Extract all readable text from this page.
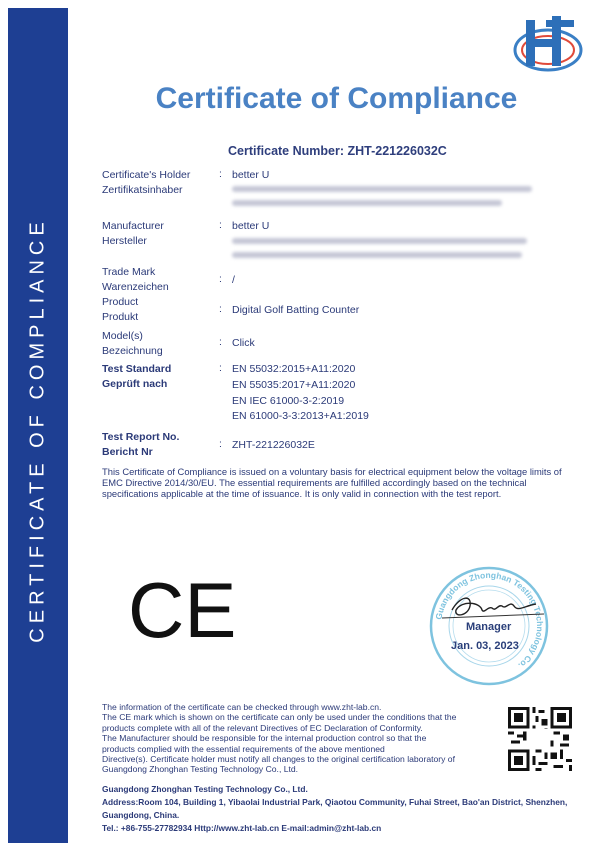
CERTIFICATE OF COMPLIANCE
Certificate of Compliance
Certificate Number: ZHT-221226032C
Certificate's Holder
Zertifikatsinhaber
: better U
Manufacturer
Hersteller
: better U
Trade Mark
Warenzeichen
: /
Product
Produkt
: Digital Golf Batting Counter
Model(s)
Bezeichnung
: Click
Test Standard
Geprüft nach
: EN 55032:2015+A11:2020
EN 55035:2017+A11:2020
EN IEC 61000-3-2:2019
EN 61000-3-3:2013+A1:2019
Test Report No.
Bericht Nr
: ZHT-221226032E
This Certificate of Compliance is issued on a voluntary basis for electrical equipment below the voltage limits of EMC Directive 2014/30/EU. The essential requirements are fulfilled accordingly based on the technical specifications applicable at the time of issuance. It is only valid in connection with the test report.
CE	Guangdong Zhonghan Testing Technology Co.
Manager
Jan. 03, 2023
The information of the certificate can be checked through www.zht-lab.cn.
The CE mark which is shown on the certificate can only be used under the conditions that the
products complete with all of the relevant Directives of EC Declaration of Conformity.
The Manufacturer should be responsible for the internal production control so that the
products complied with the essential requirements of the above mentioned
Directive(s). Certificate holder must notify all changes to the original certification laboratory of
Guangdong Zhonghan Testing Technology Co., Ltd.
Guangdong Zhonghan Testing Technology Co., Ltd.
Address:Room 104, Building 1, Yibaolai Industrial Park, Qiaotou Community, Fuhai Street, Bao'an District, Shenzhen, Guangdong, China.
Tel.: +86-755-27782934 Http://www.zht-lab.cn E-mail:admin@zht-lab.cn
